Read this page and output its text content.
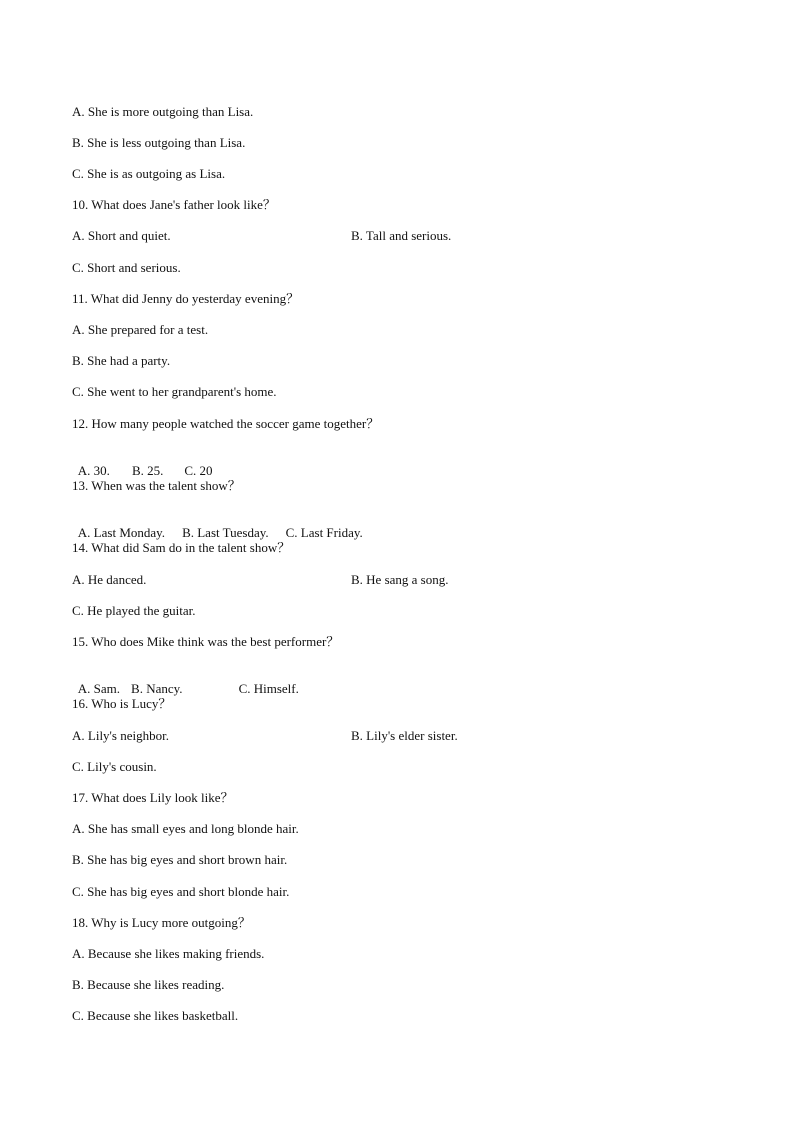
A. She is more outgoing than Lisa.
B. She is less outgoing than Lisa.
C. She is as outgoing as Lisa.
10. What does Jane's father look like？
A. Short and quiet.	B. Tall and serious.
C. Short and serious.
11. What did Jenny do yesterday evening？
A. She prepared for a test.
B. She had a party.
C. She went to her grandparent's home.
12. How many people watched the soccer game together？

A. 30. B. 25. C. 20

13. When was the talent show？

A. Last Monday. B. Last Tuesday. C. Last Friday.

14. What did Sam do in the talent show？
A. He danced.	B. He sang a song.
C. He played the guitar.
15. Who does Mike think was the best performer？

A. Sam. B. Nancy.	C. Himself.

16. Who is Lucy？
A. Lily's neighbor.	B. Lily's elder sister.
C. Lily's cousin.
17. What does Lily look like？
A. She has small eyes and long blonde hair.
B. She has big eyes and short brown hair.
C. She has big eyes and short blonde hair.
18. Why is Lucy more outgoing？
A. Because she likes making friends.
B. Because she likes reading.
C. Because she likes basketball.
